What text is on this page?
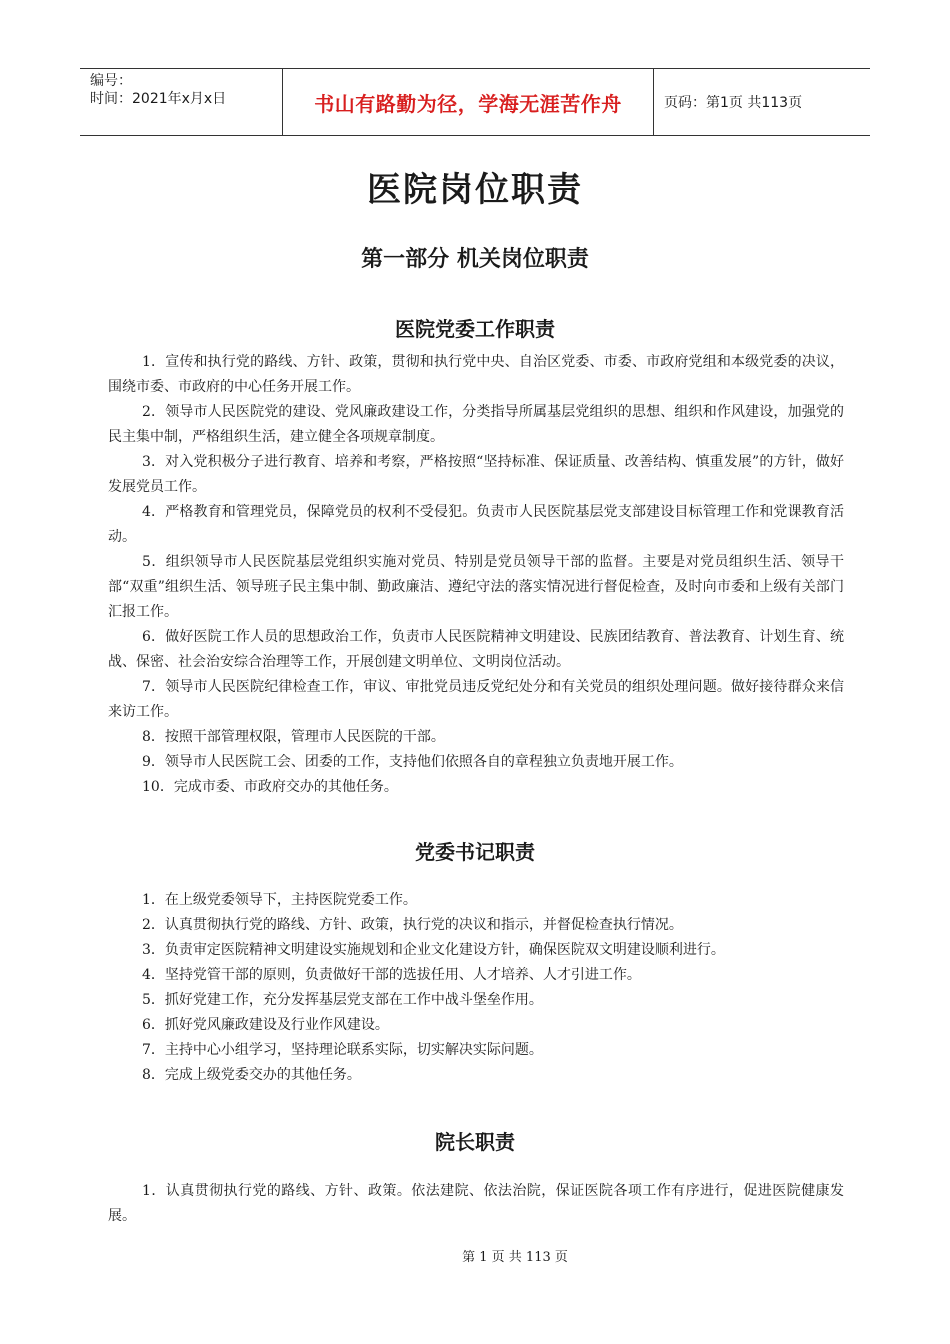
编号：
时间：2021年x月x日	书山有路勤为径，学海无涯苦作舟	页码：第1页 共113页
医院岗位职责
第一部分 机关岗位职责
医院党委工作职责

1．宣传和执行党的路线、方针、政策，贯彻和执行党中央、自治区党委、市委、市政府党组和本级党委的决议，围绕市委、市政府的中心任务开展工作。

2．领导市人民医院党的建设、党风廉政建设工作，分类指导所属基层党组织的思想、组织和作风建设，加强党的民主集中制，严格组织生活，建立健全各项规章制度。

3．对入党积极分子进行教育、培养和考察，严格按照“坚持标准、保证质量、改善结构、慎重发展”的方针，做好发展党员工作。

4．严格教育和管理党员，保障党员的权利不受侵犯。负责市人民医院基层党支部建设目标管理工作和党课教育活动。

5．组织领导市人民医院基层党组织实施对党员、特别是党员领导干部的监督。主要是对党员组织生活、领导干部“双重”组织生活、领导班子民主集中制、勤政廉洁、遵纪守法的落实情况进行督促检查，及时向市委和上级有关部门汇报工作。

6．做好医院工作人员的思想政治工作，负责市人民医院精神文明建设、民族团结教育、普法教育、计划生育、统战、保密、社会治安综合治理等工作，开展创建文明单位、文明岗位活动。

7．领导市人民医院纪律检查工作，审议、审批党员违反党纪处分和有关党员的组织处理问题。做好接待群众来信来访工作。

8．按照干部管理权限，管理市人民医院的干部。

9．领导市人民医院工会、团委的工作，支持他们依照各自的章程独立负责地开展工作。

10．完成市委、市政府交办的其他任务。

党委书记职责

1．在上级党委领导下，主持医院党委工作。

2．认真贯彻执行党的路线、方针、政策，执行党的决议和指示，并督促检查执行情况。

3．负责审定医院精神文明建设实施规划和企业文化建设方针，确保医院双文明建设顺利进行。

4．坚持党管干部的原则，负责做好干部的选拔任用、人才培养、人才引进工作。

5．抓好党建工作，充分发挥基层党支部在工作中战斗堡垒作用。

6．抓好党风廉政建设及行业作风建设。

7．主持中心小组学习，坚持理论联系实际，切实解决实际问题。

8．完成上级党委交办的其他任务。

院长职责

1．认真贯彻执行党的路线、方针、政策。依法建院、依法治院，保证医院各项工作有序进行，促进医院健康发展。

第 1 页 共 113 页
